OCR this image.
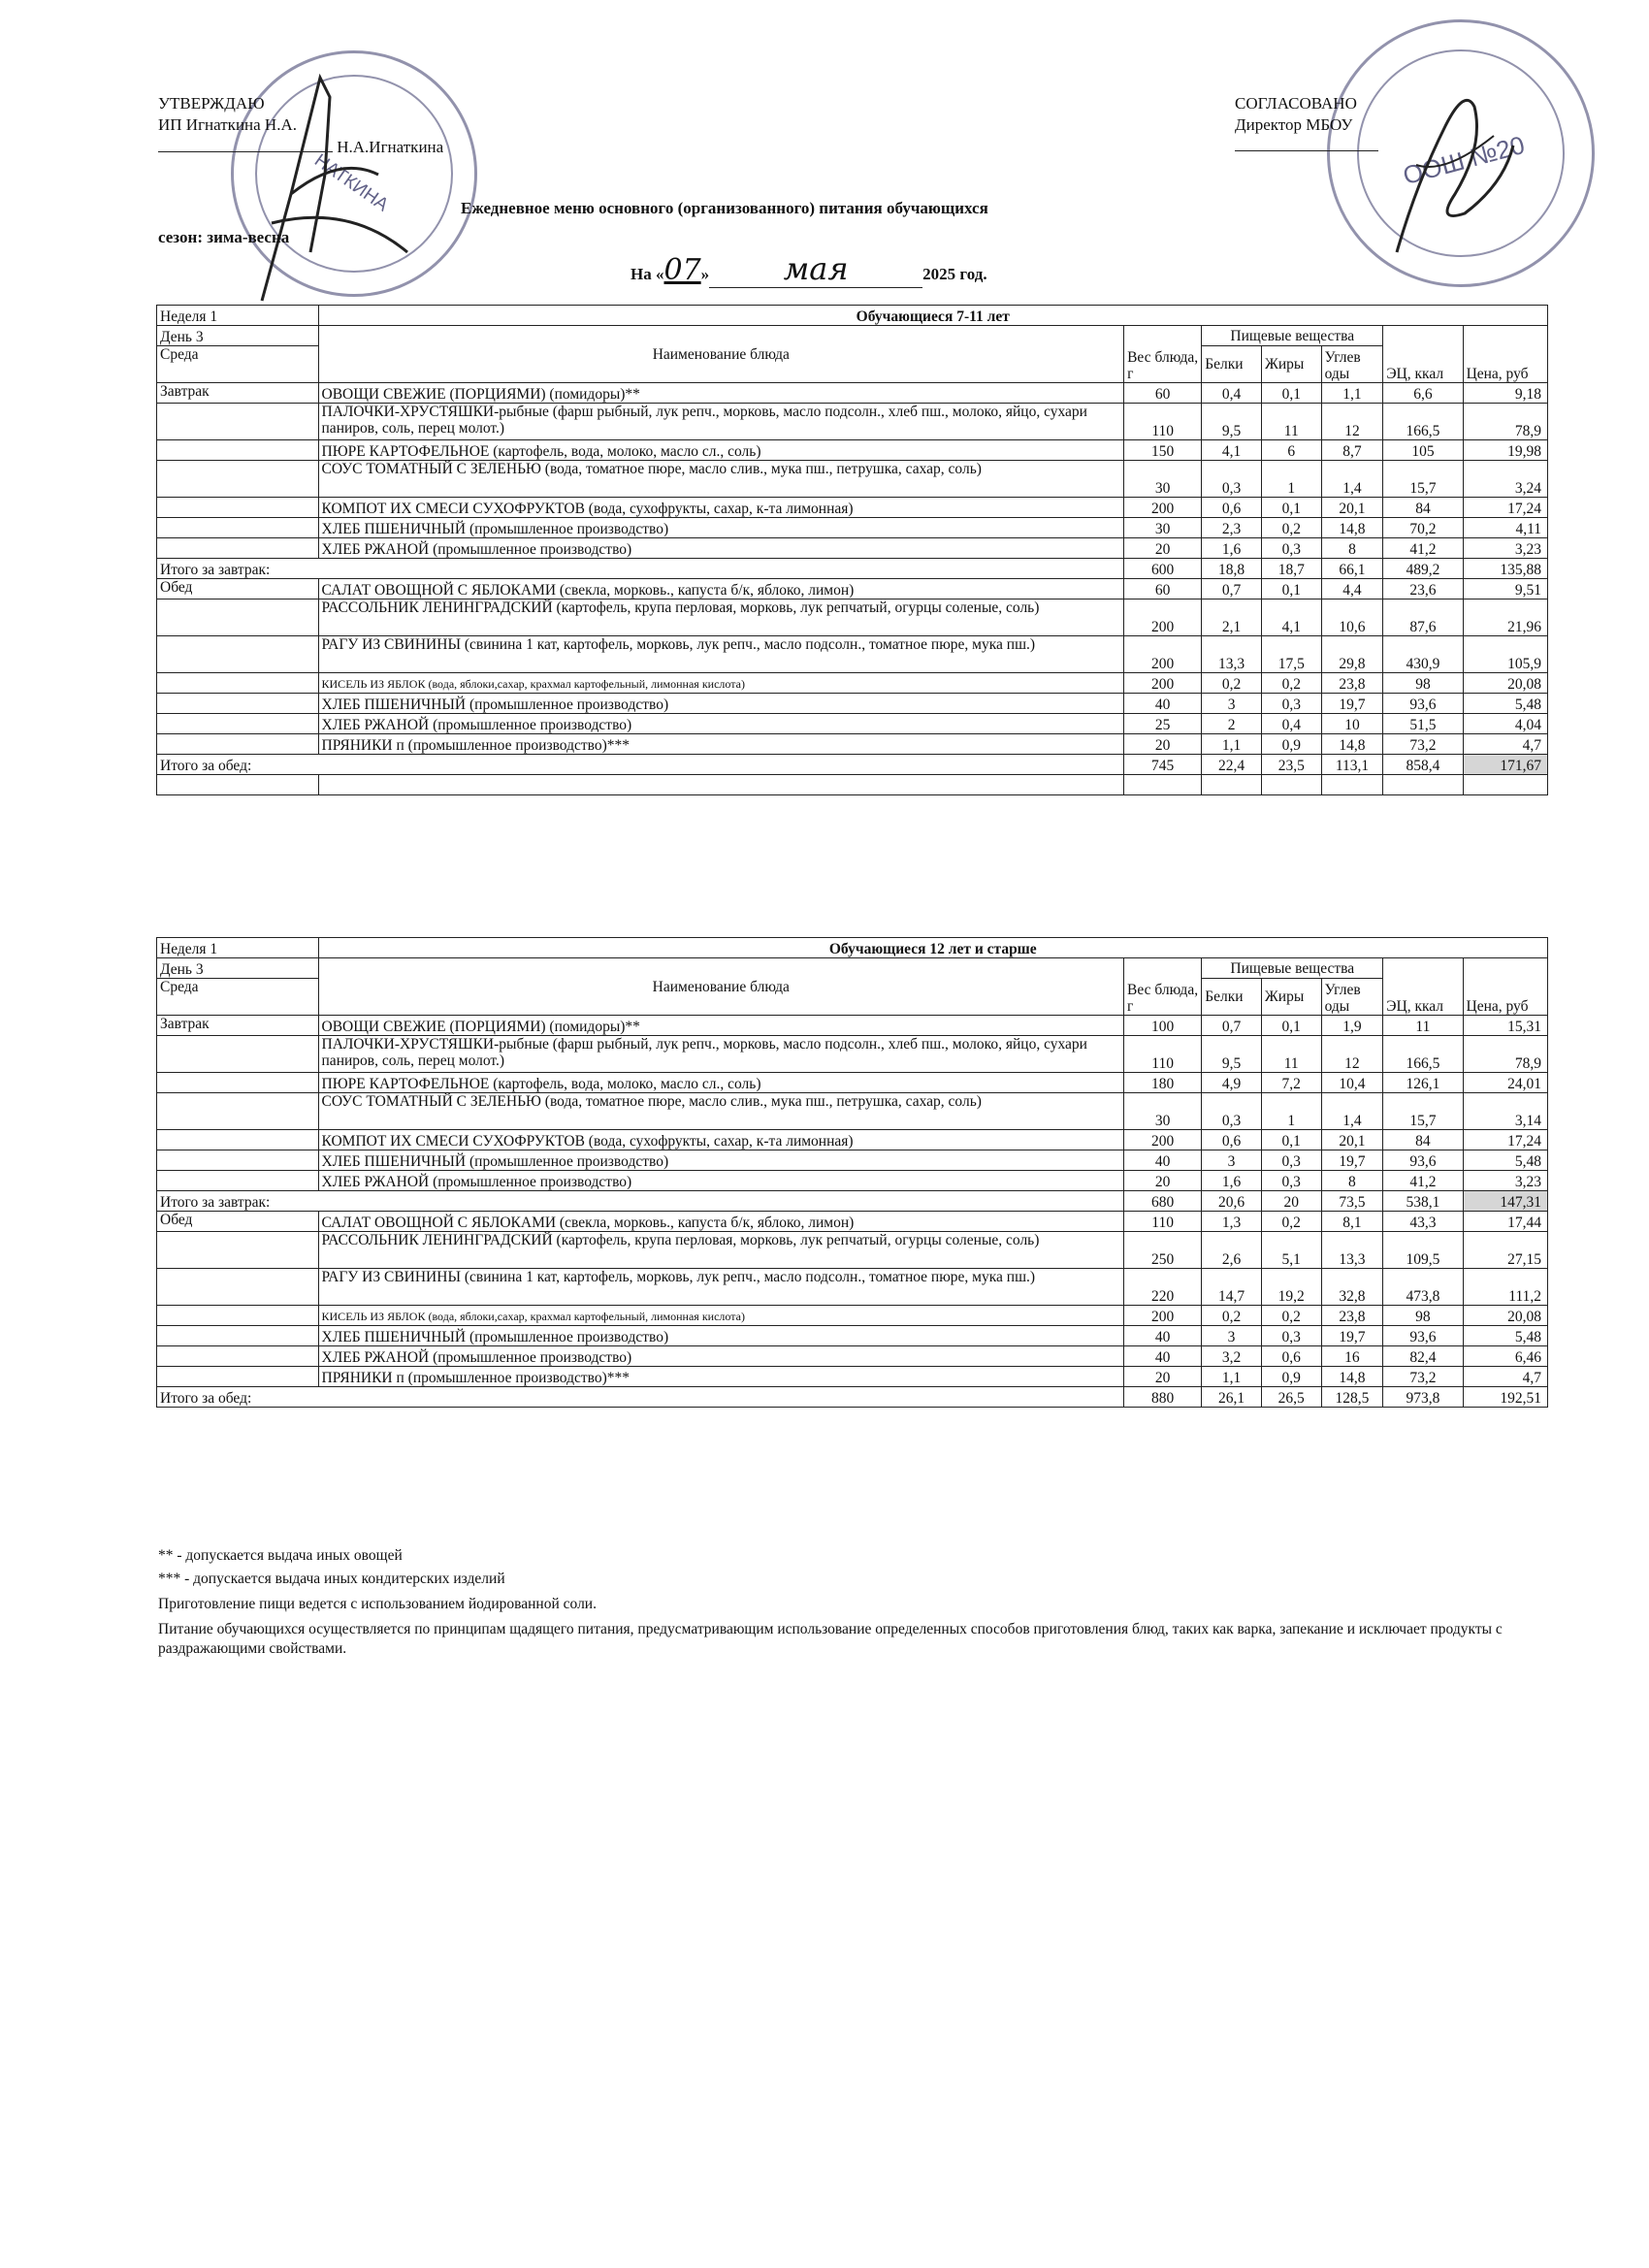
НАТКИНА	OOШ №20
УТВЕРЖДАЮ
ИП Игнаткина Н.А.
Н.А.Игнаткина
СОГЛАСОВАНО
Директор МБОУ
Ежедневное меню основного (организованного) питания обучающихся
сезон: зима-весна
На «07» мая	2025 год.
Неделя 1	Обучающиеся 7-11 лет						
День 3	Наименование блюда	Вес блюда, г	Пищевые вещества			ЭЦ, ккал	Цена, руб
Среда			Белки	Жиры	Углев оды		
Завтрак	ОВОЩИ СВЕЖИЕ (ПОРЦИЯМИ) (помидоры)**	60	0,4	0,1	1,1	6,6	9,18
	ПАЛОЧКИ-ХРУСТЯШКИ-рыбные (фарш рыбный, лук репч., морковь, масло подсолн., хлеб пш., молоко, яйцо, сухари паниров, соль, перец молот.)	110	9,5	11	12	166,5	78,9
	ПЮРЕ КАРТОФЕЛЬНОЕ (картофель, вода, молоко, масло сл., соль)	150	4,1	6	8,7	105	19,98
	СОУС ТОМАТНЫЙ С ЗЕЛЕНЬЮ (вода, томатное пюре, масло слив., мука пш., петрушка, сахар, соль)	30	0,3	1	1,4	15,7	3,24
	КОМПОТ ИХ СМЕСИ СУХОФРУКТОВ (вода, сухофрукты, сахар, к-та лимонная)	200	0,6	0,1	20,1	84	17,24
	ХЛЕБ ПШЕНИЧНЫЙ (промышленное производство)	30	2,3	0,2	14,8	70,2	4,11
	ХЛЕБ РЖАНОЙ (промышленное производство)	20	1,6	0,3	8	41,2	3,23
Итого за завтрак:		600	18,8	18,7	66,1	489,2	135,88
Обед	САЛАТ ОВОЩНОЙ С ЯБЛОКАМИ (свекла, морковь., капуста б/к, яблоко, лимон)	60	0,7	0,1	4,4	23,6	9,51
	РАССОЛЬНИК ЛЕНИНГРАДСКИЙ (картофель, крупа перловая, морковь, лук репчатый, огурцы соленые, соль)	200	2,1	4,1	10,6	87,6	21,96
	РАГУ ИЗ СВИНИНЫ (свинина 1 кат, картофель, морковь, лук репч., масло подсолн., томатное пюре, мука пш.)	200	13,3	17,5	29,8	430,9	105,9
	КИСЕЛЬ ИЗ ЯБЛОК (вода, яблоки,сахар, крахмал картофельный, лимонная кислота)	200	0,2	0,2	23,8	98	20,08
	ХЛЕБ ПШЕНИЧНЫЙ (промышленное производство)	40	3	0,3	19,7	93,6	5,48
	ХЛЕБ РЖАНОЙ (промышленное производство)	25	2	0,4	10	51,5	4,04
	ПРЯНИКИ п (промышленное производство)***	20	1,1	0,9	14,8	73,2	4,7
Итого за обед:		745	22,4	23,5	113,1	858,4	171,67

Неделя 1	Обучающиеся 12 лет и старше						
День 3	Наименование блюда	Вес блюда, г	Пищевые вещества			ЭЦ, ккал	Цена, руб
Среда			Белки	Жиры	Углев оды		
Завтрак	ОВОЩИ СВЕЖИЕ (ПОРЦИЯМИ) (помидоры)**	100	0,7	0,1	1,9	11	15,31
	ПАЛОЧКИ-ХРУСТЯШКИ-рыбные (фарш рыбный, лук репч., морковь, масло подсолн., хлеб пш., молоко, яйцо, сухари паниров, соль, перец молот.)	110	9,5	11	12	166,5	78,9
	ПЮРЕ КАРТОФЕЛЬНОЕ (картофель, вода, молоко, масло сл., соль)	180	4,9	7,2	10,4	126,1	24,01
	СОУС ТОМАТНЫЙ С ЗЕЛЕНЬЮ (вода, томатное пюре, масло слив., мука пш., петрушка, сахар, соль)	30	0,3	1	1,4	15,7	3,14
	КОМПОТ ИХ СМЕСИ СУХОФРУКТОВ (вода, сухофрукты, сахар, к-та лимонная)	200	0,6	0,1	20,1	84	17,24
	ХЛЕБ ПШЕНИЧНЫЙ (промышленное производство)	40	3	0,3	19,7	93,6	5,48
	ХЛЕБ РЖАНОЙ (промышленное производство)	20	1,6	0,3	8	41,2	3,23
Итого за завтрак:		680	20,6	20	73,5	538,1	147,31
Обед	САЛАТ ОВОЩНОЙ С ЯБЛОКАМИ (свекла, морковь., капуста б/к, яблоко, лимон)	110	1,3	0,2	8,1	43,3	17,44
	РАССОЛЬНИК ЛЕНИНГРАДСКИЙ (картофель, крупа перловая, морковь, лук репчатый, огурцы соленые, соль)	250	2,6	5,1	13,3	109,5	27,15
	РАГУ ИЗ СВИНИНЫ (свинина 1 кат, картофель, морковь, лук репч., масло подсолн., томатное пюре, мука пш.)	220	14,7	19,2	32,8	473,8	111,2
	КИСЕЛЬ ИЗ ЯБЛОК (вода, яблоки,сахар, крахмал картофельный, лимонная кислота)	200	0,2	0,2	23,8	98	20,08
	ХЛЕБ ПШЕНИЧНЫЙ (промышленное производство)	40	3	0,3	19,7	93,6	5,48
	ХЛЕБ РЖАНОЙ (промышленное производство)	40	3,2	0,6	16	82,4	6,46
	ПРЯНИКИ п (промышленное производство)***	20	1,1	0,9	14,8	73,2	4,7
Итого за обед:		880	26,1	26,5	128,5	973,8	192,51
** - допускается выдача иных овощей
*** - допускается выдача иных кондитерских изделий
Приготовление пищи ведется с использованием йодированной соли.
Питание обучающихся осуществляется по принципам щадящего питания, предусматривающим использование определенных способов приготовления блюд, таких как варка, запекание и исключает продукты с раздражающими свойствами.
